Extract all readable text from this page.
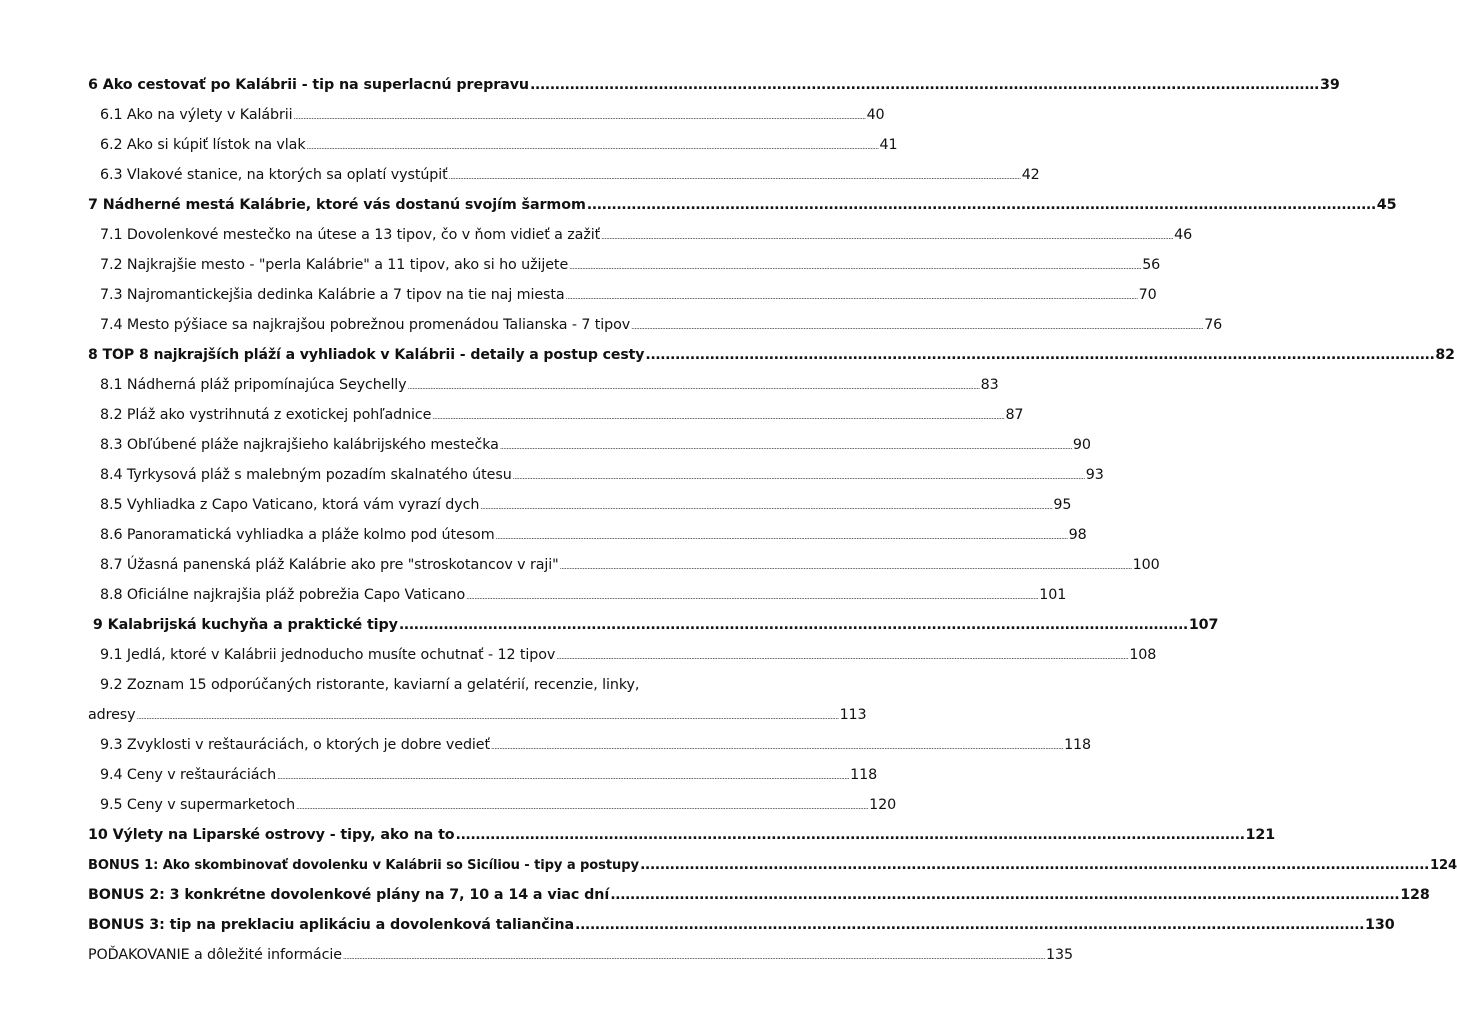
6 Ako cestovať po Kalábrii - tip na superlacnú prepravu ................................................................................................................................................................ 39
6.1 Ako na výlety v Kalábrii ................................................................................................................................................................................................................................................................................................................................................................ 40
6.2 Ako si kúpiť lístok na vlak ................................................................................................................................................................................................................................................................................................................................................................ 41
6.3 Vlakové stanice, na ktorých sa oplatí vystúpiť ................................................................................................................................................................................................................................................................................................................................................................ 42
7 Nádherné mestá Kalábrie, ktoré vás dostanú svojím šarmom ................................................................................................................................................................ 45
7.1 Dovolenkové mestečko na útese a 13 tipov, čo v ňom vidieť a zažiť ................................................................................................................................................................................................................................................................................................................................................................ 46
7.2 Najkrajšie mesto - "perla Kalábrie" a 11 tipov, ako si ho užijete ................................................................................................................................................................................................................................................................................................................................................................ 56
7.3 Najromantickejšia dedinka Kalábrie a 7 tipov na tie naj miesta ................................................................................................................................................................................................................................................................................................................................................................ 70
7.4 Mesto pýšiace sa najkrajšou pobrežnou promenádou Talianska - 7 tipov ................................................................................................................................................................................................................................................................................................................................................................ 76
8 TOP 8 najkrajších pláží a vyhliadok v Kalábrii - detaily a postup cesty ................................................................................................................................................................ 82
8.1 Nádherná pláž pripomínajúca Seychelly ................................................................................................................................................................................................................................................................................................................................................................ 83
8.2 Pláž ako vystrihnutá z exotickej pohľadnice ................................................................................................................................................................................................................................................................................................................................................................ 87
8.3 Obľúbené pláže najkrajšieho kalábrijského mestečka ................................................................................................................................................................................................................................................................................................................................................................ 90
8.4 Tyrkysová pláž s malebným pozadím skalnatého útesu ................................................................................................................................................................................................................................................................................................................................................................ 93
8.5 Vyhliadka z Capo Vaticano, ktorá vám vyrazí dych ................................................................................................................................................................................................................................................................................................................................................................ 95
8.6 Panoramatická vyhliadka a pláže kolmo pod útesom ................................................................................................................................................................................................................................................................................................................................................................ 98
8.7 Úžasná panenská pláž Kalábrie ako pre "stroskotancov v raji" ................................................................................................................................................................................................................................................................................................................................................................ 100
8.8 Oficiálne najkrajšia pláž pobrežia Capo Vaticano ................................................................................................................................................................................................................................................................................................................................................................ 101
9 Kalabrijská kuchyňa a praktické tipy ................................................................................................................................................................ 107
9.1 Jedlá, ktoré v Kalábrii jednoducho musíte ochutnať - 12 tipov ................................................................................................................................................................................................................................................................................................................................................................ 108
9.2 Zoznam 15 odporúčaných ristorante, kaviarní a gelatérií, recenzie, linky,
adresy ................................................................................................................................................................................................................................................................................................................................................................................................................................................ 113
9.3 Zvyklosti v reštauráciách, o ktorých je dobre vedieť ................................................................................................................................................................................................................................................................................................................................................................ 118
9.4 Ceny v reštauráciách ................................................................................................................................................................................................................................................................................................................................................................ 118
9.5 Ceny v supermarketoch ................................................................................................................................................................................................................................................................................................................................................................ 120
10 Výlety na Liparské ostrovy - tipy, ako na to ................................................................................................................................................................ 121
BONUS 1: Ako skombinovať dovolenku v Kalábrii so Sicíliou - tipy a postupy ................................................................................................................................................................ 124
BONUS 2: 3 konkrétne dovolenkové plány na 7, 10 a 14 a viac dní ................................................................................................................................................................ 128
BONUS 3: tip na preklaciu aplikáciu a dovolenková taliančina ................................................................................................................................................................ 130
POĎAKOVANIE a dôležité informácie ................................................................................................................................................................................................................................................................................................................................................................................................................................................ 135
